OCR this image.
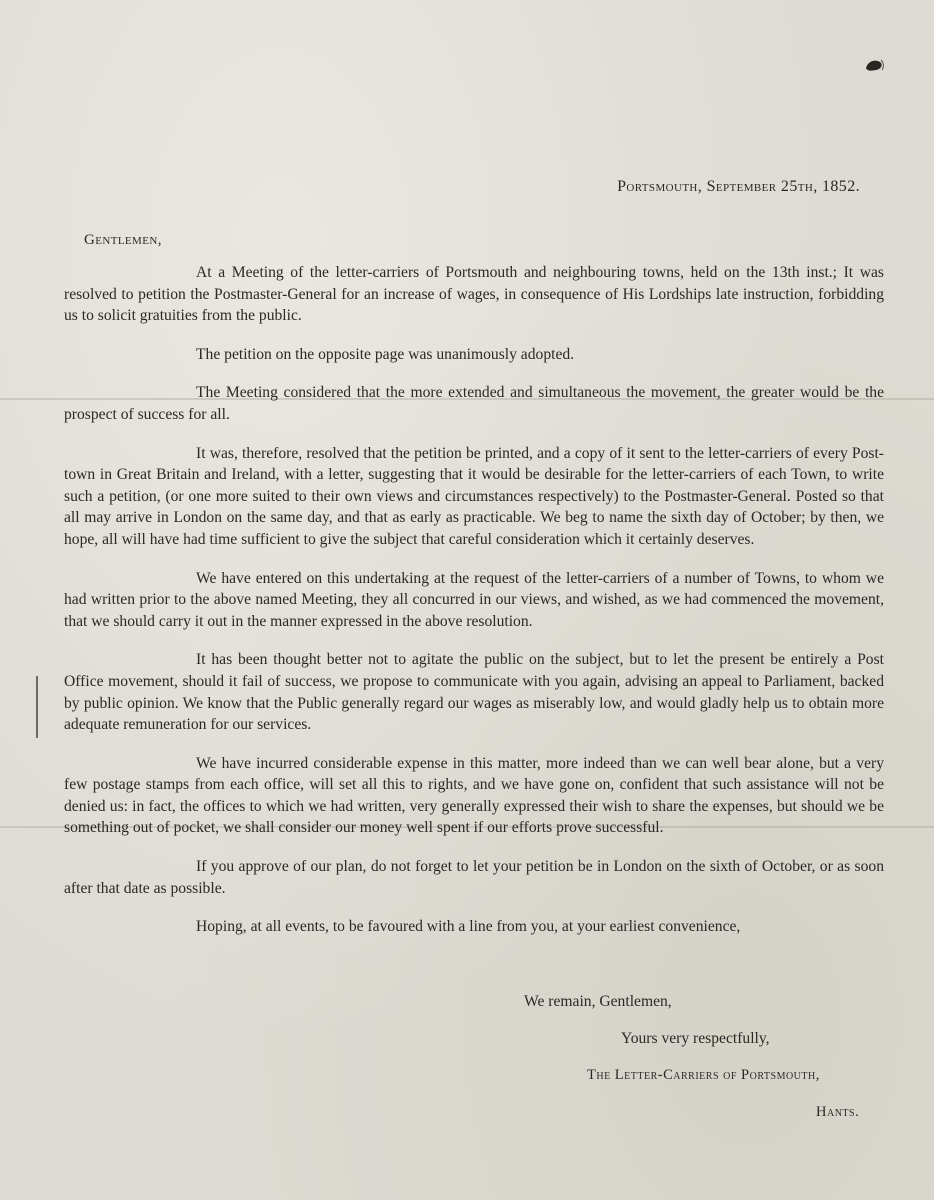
Portsmouth, September 25th, 1852.
Gentlemen,

At a Meeting of the letter-carriers of Portsmouth and neighbouring towns, held on the 13th inst.; It was resolved to petition the Postmaster-General for an increase of wages, in consequence of His Lordships late instruction, forbidding us to solicit gratuities from the public.

The petition on the opposite page was unanimously adopted.

The Meeting considered that the more extended and simultaneous the movement, the greater would be the prospect of success for all.

It was, therefore, resolved that the petition be printed, and a copy of it sent to the letter-carriers of every Post-town in Great Britain and Ireland, with a letter, suggesting that it would be desirable for the letter-carriers of each Town, to write such a petition, (or one more suited to their own views and circumstances respectively) to the Postmaster-General. Posted so that all may arrive in London on the same day, and that as early as practicable. We beg to name the sixth day of October; by then, we hope, all will have had time sufficient to give the subject that careful consideration which it certainly deserves.

We have entered on this undertaking at the request of the letter-carriers of a number of Towns, to whom we had written prior to the above named Meeting, they all concurred in our views, and wished, as we had commenced the movement, that we should carry it out in the manner expressed in the above resolution.

It has been thought better not to agitate the public on the subject, but to let the present be entirely a Post Office movement, should it fail of success, we propose to communicate with you again, advising an appeal to Parliament, backed by public opinion. We know that the Public generally regard our wages as miserably low, and would gladly help us to obtain more adequate remuneration for our services.

We have incurred considerable expense in this matter, more indeed than we can well bear alone, but a very few postage stamps from each office, will set all this to rights, and we have gone on, confident that such assistance will not be denied us: in fact, the offices to which we had written, very generally expressed their wish to share the expenses, but should we be something out of pocket, we shall consider our money well spent if our efforts prove successful.

If you approve of our plan, do not forget to let your petition be in London on the sixth of October, or as soon after that date as possible.

Hoping, at all events, to be favoured with a line from you, at your earliest convenience,

We remain, Gentlemen,
Yours very respectfully,
The Letter-Carriers of Portsmouth,
Hants.
